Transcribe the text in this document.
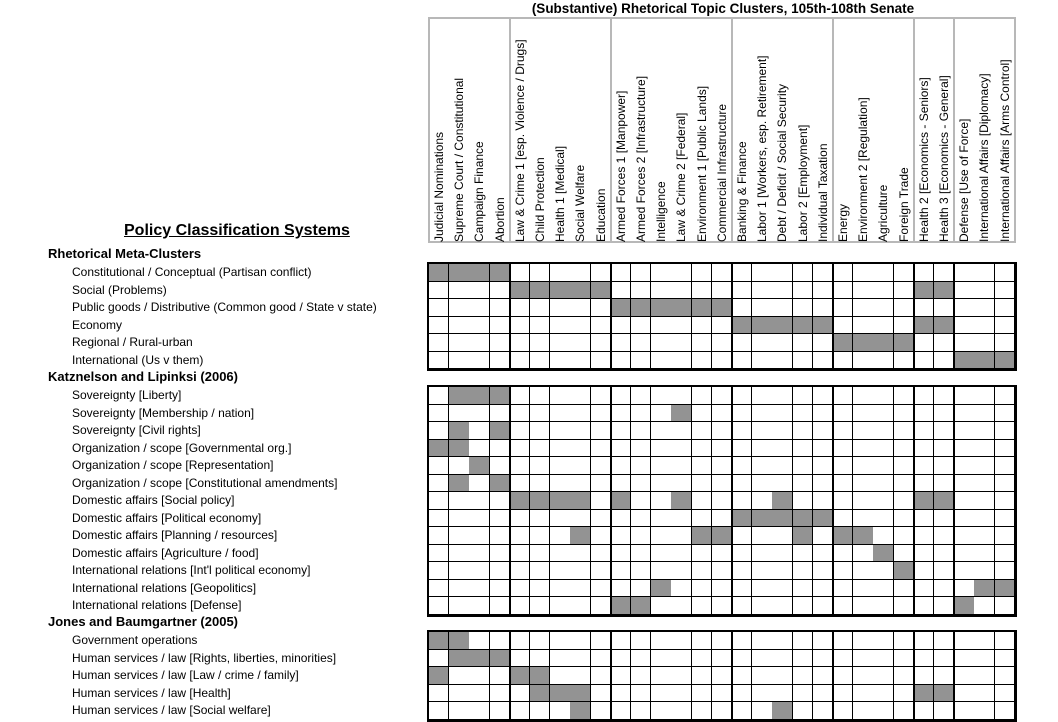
(Substantive) Rhetorical Topic Clusters, 105th-108th Senate
Policy Classification Systems
Rhetorical Meta-Clusters
Constitutional / Conceptual (Partisan conflict)
Social (Problems)
Public goods / Distributive (Common good / State v state)
Economy
Regional / Rural-urban
International (Us v them)
Katznelson and Lipinksi (2006)
Sovereignty [Liberty]
Sovereignty [Membership / nation]
Sovereignty [Civil rights]
Organization / scope [Governmental org.]
Organization / scope [Representation]
Organization / scope [Constitutional amendments]
Domestic affairs [Social policy]
Domestic affairs [Political economy]
Domestic affairs [Planning / resources]
Domestic affairs [Agriculture / food]
International relations [Int'l political economy]
International relations [Geopolitics]
International relations [Defense]
Jones and Baumgartner (2005)
Government operations
Human services / law [Rights, liberties, minorities]
Human services / law [Law / crime / family]
Human services / law [Health]
Human services / law [Social welfare]
Judicial Nominations Supreme Court / Constitutional Campaign Finance Abortion Law & Crime 1 [esp. Violence / Drugs] Child Protection Health 1 [Medical] Social Welfare Education Armed Forces 1 [Manpower] Armed Forces 2 [Infrastructure] Intelligence Law & Crime 2 [Federal] Environment 1 [Public Lands] Commercial Infrastructure Banking & Finance Labor 1 [Workers, esp. Retirement] Debt / Deficit / Social Security Labor 2 [Employment] Individual Taxation Energy Environment 2 [Regulation] Agriculture Foreign Trade Health 2 [Economics - Seniors] Health 3 [Economics - General] Defense [Use of Force] International Affairs [Diplomacy] International Affairs [Arms Control]
